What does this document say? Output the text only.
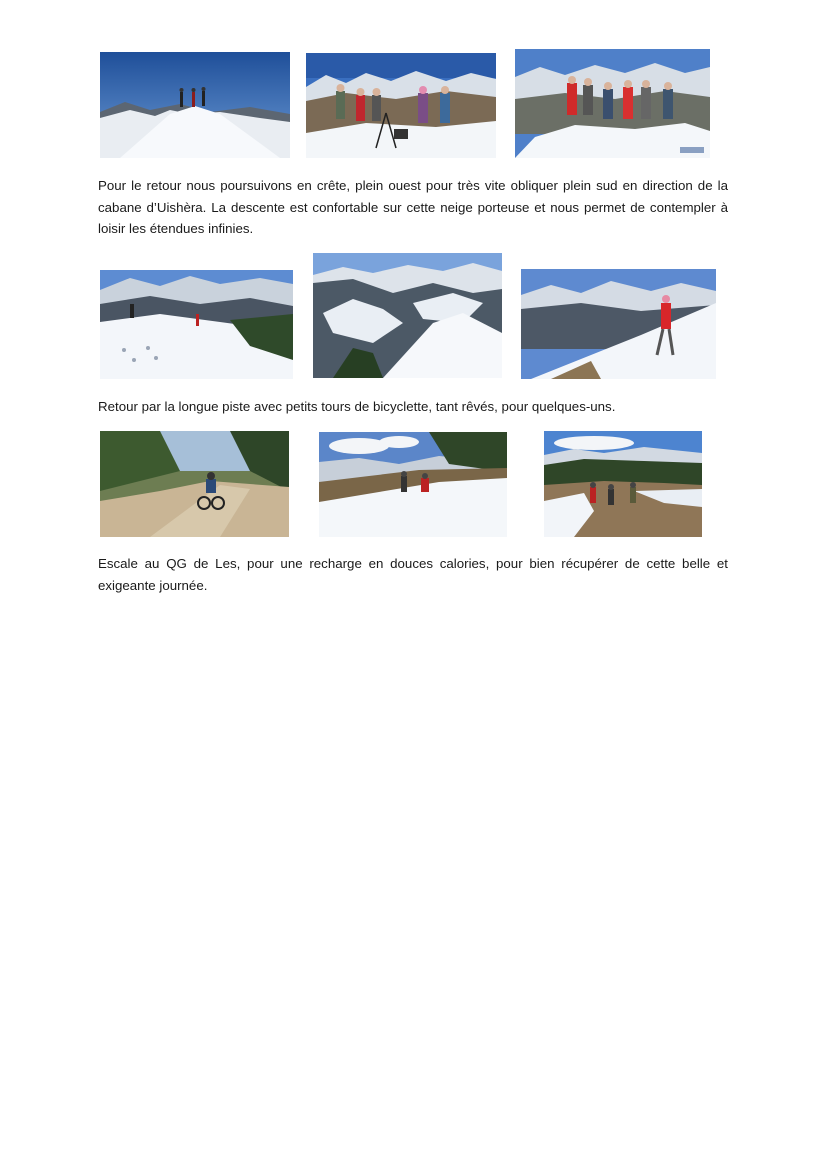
Pour le retour nous poursuivons en crête, plein ouest pour très vite obliquer plein sud en direction de la cabane d’Uishèra. La descente est confortable sur cette neige porteuse et nous permet de contempler à loisir les étendues infinies.

Retour par la longue piste avec petits tours de bicyclette, tant rêvés, pour quelques-uns.

Escale au QG de Les, pour une recharge en douces calories, pour bien récupérer de cette belle et exigeante journée.
